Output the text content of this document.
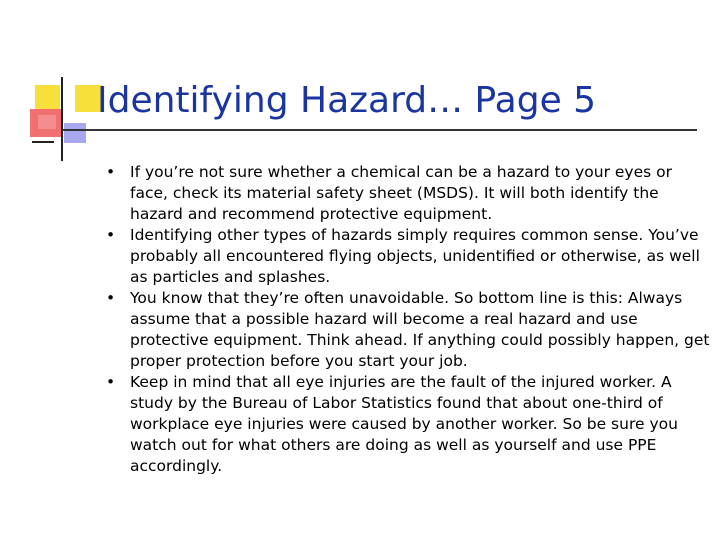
Identifying Hazard… Page 5
• If you’re not sure whether a chemical can be a hazard to your eyes or face, check its material safety sheet (MSDS). It will both identify the hazard and recommend protective equipment.
• Identifying other types of hazards simply requires common sense. You’ve probably all encountered flying objects, unidentified or otherwise, as well as particles and splashes.
• You know that they’re often unavoidable. So bottom line is this: Always assume that a possible hazard will become a real hazard and use protective equipment. Think ahead. If anything could possibly happen, get proper protection before you start your job.
• Keep in mind that all eye injuries are the fault of the injured worker. A study by the Bureau of Labor Statistics found that about one-third of workplace eye injuries were caused by another worker. So be sure you watch out for what others are doing as well as yourself and use PPE accordingly.
